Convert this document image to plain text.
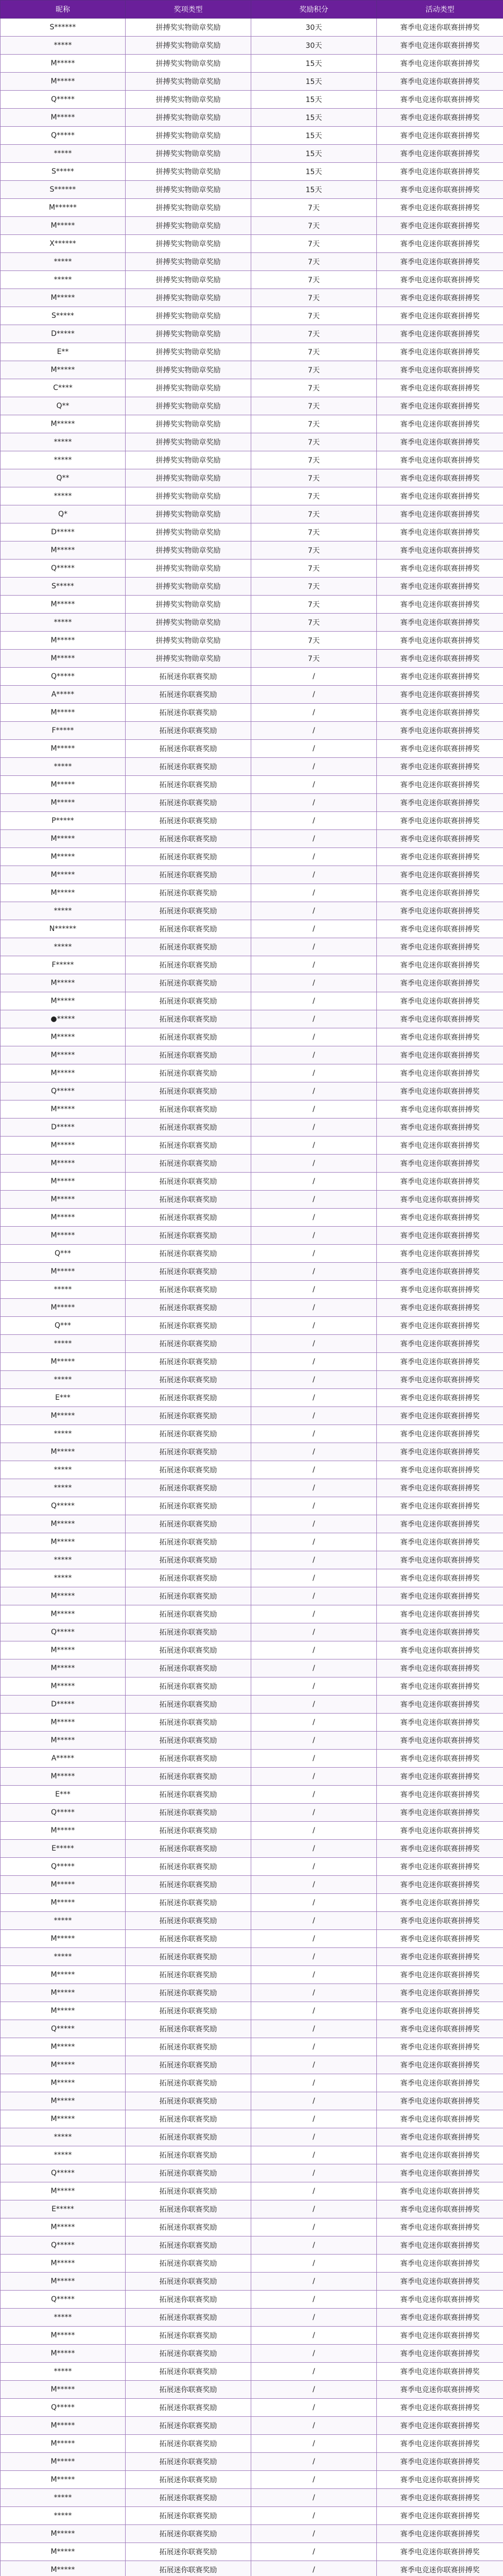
昵称	奖项类型	奖励积分	活动类型
S******	拼搏奖实物勋章奖励	30天	赛季电竞迷你联赛拼搏奖
*****	拼搏奖实物勋章奖励	30天	赛季电竞迷你联赛拼搏奖
M*****	拼搏奖实物勋章奖励	15天	赛季电竞迷你联赛拼搏奖
M*****	拼搏奖实物勋章奖励	15天	赛季电竞迷你联赛拼搏奖
Q*****	拼搏奖实物勋章奖励	15天	赛季电竞迷你联赛拼搏奖
M*****	拼搏奖实物勋章奖励	15天	赛季电竞迷你联赛拼搏奖
Q*****	拼搏奖实物勋章奖励	15天	赛季电竞迷你联赛拼搏奖
*****	拼搏奖实物勋章奖励	15天	赛季电竞迷你联赛拼搏奖
S*****	拼搏奖实物勋章奖励	15天	赛季电竞迷你联赛拼搏奖
S******	拼搏奖实物勋章奖励	15天	赛季电竞迷你联赛拼搏奖
M******	拼搏奖实物勋章奖励	7天	赛季电竞迷你联赛拼搏奖
M*****	拼搏奖实物勋章奖励	7天	赛季电竞迷你联赛拼搏奖
X******	拼搏奖实物勋章奖励	7天	赛季电竞迷你联赛拼搏奖
*****	拼搏奖实物勋章奖励	7天	赛季电竞迷你联赛拼搏奖
*****	拼搏奖实物勋章奖励	7天	赛季电竞迷你联赛拼搏奖
M*****	拼搏奖实物勋章奖励	7天	赛季电竞迷你联赛拼搏奖
S*****	拼搏奖实物勋章奖励	7天	赛季电竞迷你联赛拼搏奖
D*****	拼搏奖实物勋章奖励	7天	赛季电竞迷你联赛拼搏奖
E**	拼搏奖实物勋章奖励	7天	赛季电竞迷你联赛拼搏奖
M*****	拼搏奖实物勋章奖励	7天	赛季电竞迷你联赛拼搏奖
C****	拼搏奖实物勋章奖励	7天	赛季电竞迷你联赛拼搏奖
Q**	拼搏奖实物勋章奖励	7天	赛季电竞迷你联赛拼搏奖
M*****	拼搏奖实物勋章奖励	7天	赛季电竞迷你联赛拼搏奖
*****	拼搏奖实物勋章奖励	7天	赛季电竞迷你联赛拼搏奖
*****	拼搏奖实物勋章奖励	7天	赛季电竞迷你联赛拼搏奖
Q**	拼搏奖实物勋章奖励	7天	赛季电竞迷你联赛拼搏奖
*****	拼搏奖实物勋章奖励	7天	赛季电竞迷你联赛拼搏奖
Q*	拼搏奖实物勋章奖励	7天	赛季电竞迷你联赛拼搏奖
D*****	拼搏奖实物勋章奖励	7天	赛季电竞迷你联赛拼搏奖
M*****	拼搏奖实物勋章奖励	7天	赛季电竞迷你联赛拼搏奖
Q*****	拼搏奖实物勋章奖励	7天	赛季电竞迷你联赛拼搏奖
S*****	拼搏奖实物勋章奖励	7天	赛季电竞迷你联赛拼搏奖
M*****	拼搏奖实物勋章奖励	7天	赛季电竞迷你联赛拼搏奖
*****	拼搏奖实物勋章奖励	7天	赛季电竞迷你联赛拼搏奖
M*****	拼搏奖实物勋章奖励	7天	赛季电竞迷你联赛拼搏奖
M*****	拼搏奖实物勋章奖励	7天	赛季电竞迷你联赛拼搏奖
Q*****	拓展迷你联赛奖励	/	赛季电竞迷你联赛拼搏奖
A*****	拓展迷你联赛奖励	/	赛季电竞迷你联赛拼搏奖
M*****	拓展迷你联赛奖励	/	赛季电竞迷你联赛拼搏奖
F*****	拓展迷你联赛奖励	/	赛季电竞迷你联赛拼搏奖
M*****	拓展迷你联赛奖励	/	赛季电竞迷你联赛拼搏奖
*****	拓展迷你联赛奖励	/	赛季电竞迷你联赛拼搏奖
M*****	拓展迷你联赛奖励	/	赛季电竞迷你联赛拼搏奖
M*****	拓展迷你联赛奖励	/	赛季电竞迷你联赛拼搏奖
P*****	拓展迷你联赛奖励	/	赛季电竞迷你联赛拼搏奖
M*****	拓展迷你联赛奖励	/	赛季电竞迷你联赛拼搏奖
M*****	拓展迷你联赛奖励	/	赛季电竞迷你联赛拼搏奖
M*****	拓展迷你联赛奖励	/	赛季电竞迷你联赛拼搏奖
M*****	拓展迷你联赛奖励	/	赛季电竞迷你联赛拼搏奖
*****	拓展迷你联赛奖励	/	赛季电竞迷你联赛拼搏奖
N******	拓展迷你联赛奖励	/	赛季电竞迷你联赛拼搏奖
*****	拓展迷你联赛奖励	/	赛季电竞迷你联赛拼搏奖
F*****	拓展迷你联赛奖励	/	赛季电竞迷你联赛拼搏奖
M*****	拓展迷你联赛奖励	/	赛季电竞迷你联赛拼搏奖
M*****	拓展迷你联赛奖励	/	赛季电竞迷你联赛拼搏奖
●*****	拓展迷你联赛奖励	/	赛季电竞迷你联赛拼搏奖
M*****	拓展迷你联赛奖励	/	赛季电竞迷你联赛拼搏奖
M*****	拓展迷你联赛奖励	/	赛季电竞迷你联赛拼搏奖
M*****	拓展迷你联赛奖励	/	赛季电竞迷你联赛拼搏奖
Q*****	拓展迷你联赛奖励	/	赛季电竞迷你联赛拼搏奖
M*****	拓展迷你联赛奖励	/	赛季电竞迷你联赛拼搏奖
D*****	拓展迷你联赛奖励	/	赛季电竞迷你联赛拼搏奖
M*****	拓展迷你联赛奖励	/	赛季电竞迷你联赛拼搏奖
M*****	拓展迷你联赛奖励	/	赛季电竞迷你联赛拼搏奖
M*****	拓展迷你联赛奖励	/	赛季电竞迷你联赛拼搏奖
M*****	拓展迷你联赛奖励	/	赛季电竞迷你联赛拼搏奖
M*****	拓展迷你联赛奖励	/	赛季电竞迷你联赛拼搏奖
M*****	拓展迷你联赛奖励	/	赛季电竞迷你联赛拼搏奖
Q***	拓展迷你联赛奖励	/	赛季电竞迷你联赛拼搏奖
M*****	拓展迷你联赛奖励	/	赛季电竞迷你联赛拼搏奖
*****	拓展迷你联赛奖励	/	赛季电竞迷你联赛拼搏奖
M*****	拓展迷你联赛奖励	/	赛季电竞迷你联赛拼搏奖
Q***	拓展迷你联赛奖励	/	赛季电竞迷你联赛拼搏奖
*****	拓展迷你联赛奖励	/	赛季电竞迷你联赛拼搏奖
M*****	拓展迷你联赛奖励	/	赛季电竞迷你联赛拼搏奖
*****	拓展迷你联赛奖励	/	赛季电竞迷你联赛拼搏奖
E***	拓展迷你联赛奖励	/	赛季电竞迷你联赛拼搏奖
M*****	拓展迷你联赛奖励	/	赛季电竞迷你联赛拼搏奖
*****	拓展迷你联赛奖励	/	赛季电竞迷你联赛拼搏奖
M*****	拓展迷你联赛奖励	/	赛季电竞迷你联赛拼搏奖
*****	拓展迷你联赛奖励	/	赛季电竞迷你联赛拼搏奖
*****	拓展迷你联赛奖励	/	赛季电竞迷你联赛拼搏奖
Q*****	拓展迷你联赛奖励	/	赛季电竞迷你联赛拼搏奖
M*****	拓展迷你联赛奖励	/	赛季电竞迷你联赛拼搏奖
M*****	拓展迷你联赛奖励	/	赛季电竞迷你联赛拼搏奖
*****	拓展迷你联赛奖励	/	赛季电竞迷你联赛拼搏奖
*****	拓展迷你联赛奖励	/	赛季电竞迷你联赛拼搏奖
M*****	拓展迷你联赛奖励	/	赛季电竞迷你联赛拼搏奖
M*****	拓展迷你联赛奖励	/	赛季电竞迷你联赛拼搏奖
Q*****	拓展迷你联赛奖励	/	赛季电竞迷你联赛拼搏奖
M*****	拓展迷你联赛奖励	/	赛季电竞迷你联赛拼搏奖
M*****	拓展迷你联赛奖励	/	赛季电竞迷你联赛拼搏奖
M*****	拓展迷你联赛奖励	/	赛季电竞迷你联赛拼搏奖
D*****	拓展迷你联赛奖励	/	赛季电竞迷你联赛拼搏奖
M*****	拓展迷你联赛奖励	/	赛季电竞迷你联赛拼搏奖
M*****	拓展迷你联赛奖励	/	赛季电竞迷你联赛拼搏奖
A*****	拓展迷你联赛奖励	/	赛季电竞迷你联赛拼搏奖
M*****	拓展迷你联赛奖励	/	赛季电竞迷你联赛拼搏奖
E***	拓展迷你联赛奖励	/	赛季电竞迷你联赛拼搏奖
Q*****	拓展迷你联赛奖励	/	赛季电竞迷你联赛拼搏奖
M*****	拓展迷你联赛奖励	/	赛季电竞迷你联赛拼搏奖
E*****	拓展迷你联赛奖励	/	赛季电竞迷你联赛拼搏奖
Q*****	拓展迷你联赛奖励	/	赛季电竞迷你联赛拼搏奖
M*****	拓展迷你联赛奖励	/	赛季电竞迷你联赛拼搏奖
M*****	拓展迷你联赛奖励	/	赛季电竞迷你联赛拼搏奖
*****	拓展迷你联赛奖励	/	赛季电竞迷你联赛拼搏奖
M*****	拓展迷你联赛奖励	/	赛季电竞迷你联赛拼搏奖
*****	拓展迷你联赛奖励	/	赛季电竞迷你联赛拼搏奖
M*****	拓展迷你联赛奖励	/	赛季电竞迷你联赛拼搏奖
M*****	拓展迷你联赛奖励	/	赛季电竞迷你联赛拼搏奖
M*****	拓展迷你联赛奖励	/	赛季电竞迷你联赛拼搏奖
Q*****	拓展迷你联赛奖励	/	赛季电竞迷你联赛拼搏奖
M*****	拓展迷你联赛奖励	/	赛季电竞迷你联赛拼搏奖
M*****	拓展迷你联赛奖励	/	赛季电竞迷你联赛拼搏奖
M*****	拓展迷你联赛奖励	/	赛季电竞迷你联赛拼搏奖
M*****	拓展迷你联赛奖励	/	赛季电竞迷你联赛拼搏奖
M*****	拓展迷你联赛奖励	/	赛季电竞迷你联赛拼搏奖
*****	拓展迷你联赛奖励	/	赛季电竞迷你联赛拼搏奖
*****	拓展迷你联赛奖励	/	赛季电竞迷你联赛拼搏奖
Q*****	拓展迷你联赛奖励	/	赛季电竞迷你联赛拼搏奖
M*****	拓展迷你联赛奖励	/	赛季电竞迷你联赛拼搏奖
E*****	拓展迷你联赛奖励	/	赛季电竞迷你联赛拼搏奖
M*****	拓展迷你联赛奖励	/	赛季电竞迷你联赛拼搏奖
Q*****	拓展迷你联赛奖励	/	赛季电竞迷你联赛拼搏奖
M*****	拓展迷你联赛奖励	/	赛季电竞迷你联赛拼搏奖
M*****	拓展迷你联赛奖励	/	赛季电竞迷你联赛拼搏奖
Q*****	拓展迷你联赛奖励	/	赛季电竞迷你联赛拼搏奖
*****	拓展迷你联赛奖励	/	赛季电竞迷你联赛拼搏奖
M*****	拓展迷你联赛奖励	/	赛季电竞迷你联赛拼搏奖
M*****	拓展迷你联赛奖励	/	赛季电竞迷你联赛拼搏奖
*****	拓展迷你联赛奖励	/	赛季电竞迷你联赛拼搏奖
M*****	拓展迷你联赛奖励	/	赛季电竞迷你联赛拼搏奖
Q*****	拓展迷你联赛奖励	/	赛季电竞迷你联赛拼搏奖
M*****	拓展迷你联赛奖励	/	赛季电竞迷你联赛拼搏奖
M*****	拓展迷你联赛奖励	/	赛季电竞迷你联赛拼搏奖
M*****	拓展迷你联赛奖励	/	赛季电竞迷你联赛拼搏奖
M*****	拓展迷你联赛奖励	/	赛季电竞迷你联赛拼搏奖
*****	拓展迷你联赛奖励	/	赛季电竞迷你联赛拼搏奖
*****	拓展迷你联赛奖励	/	赛季电竞迷你联赛拼搏奖
M*****	拓展迷你联赛奖励	/	赛季电竞迷你联赛拼搏奖
M*****	拓展迷你联赛奖励	/	赛季电竞迷你联赛拼搏奖
M*****	拓展迷你联赛奖励	/	赛季电竞迷你联赛拼搏奖
